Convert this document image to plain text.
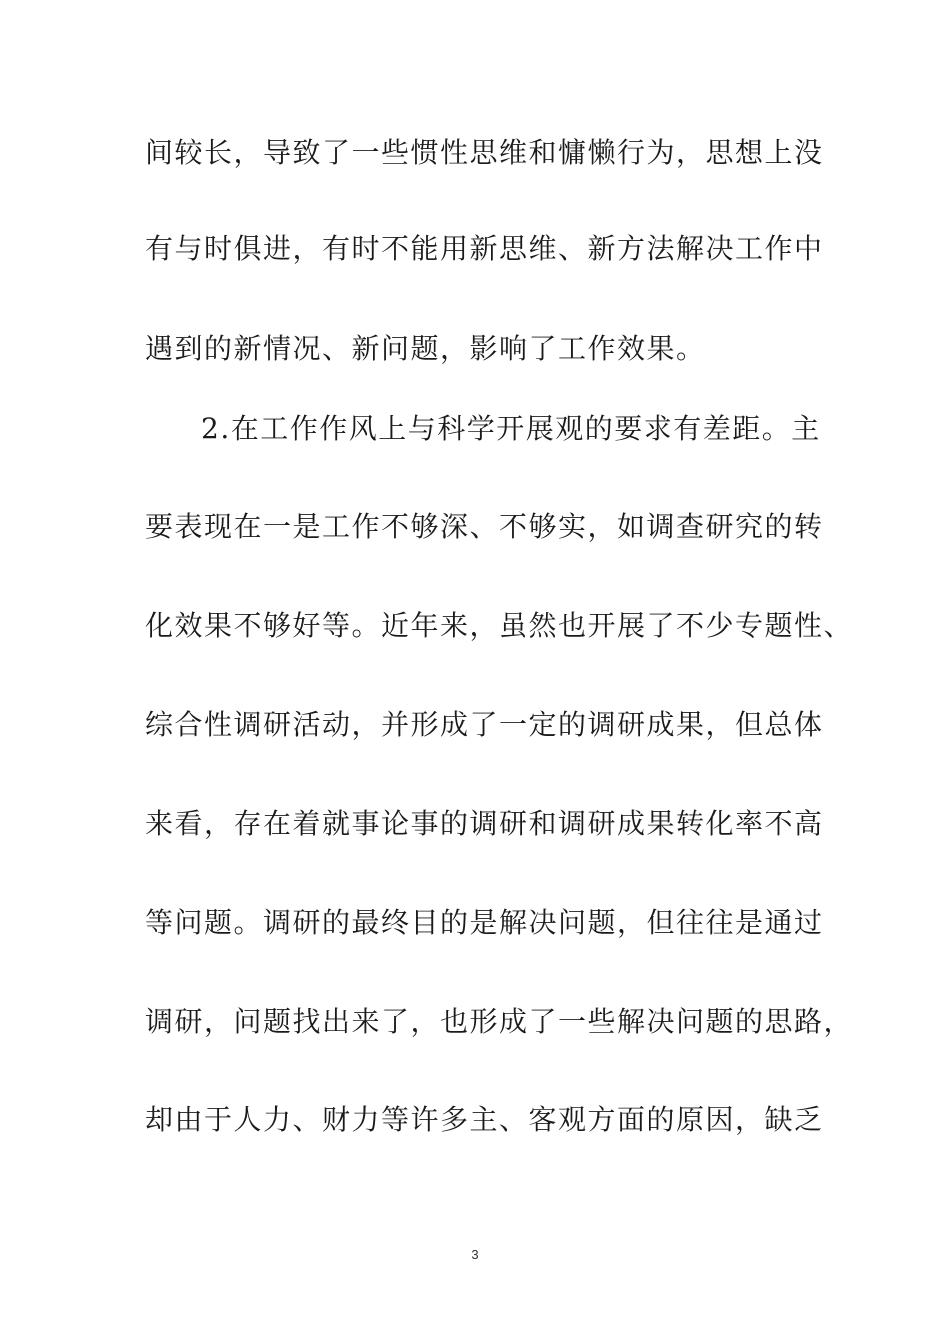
间较长，导致了一些惯性思维和慵懒行为，思想上没
有与时俱进，有时不能用新思维、新方法解决工作中
遇到的新情况、新问题，影响了工作效果。
2.在工作作风上与科学开展观的要求有差距。主
要表现在一是工作不够深、不够实，如调查研究的转
化效果不够好等。近年来，虽然也开展了不少专题性、
综合性调研活动，并形成了一定的调研成果，但总体
来看，存在着就事论事的调研和调研成果转化率不高
等问题。调研的最终目的是解决问题，但往往是通过
调研，问题找出来了，也形成了一些解决问题的思路，
却由于人力、财力等许多主、客观方面的原因，缺乏
3
